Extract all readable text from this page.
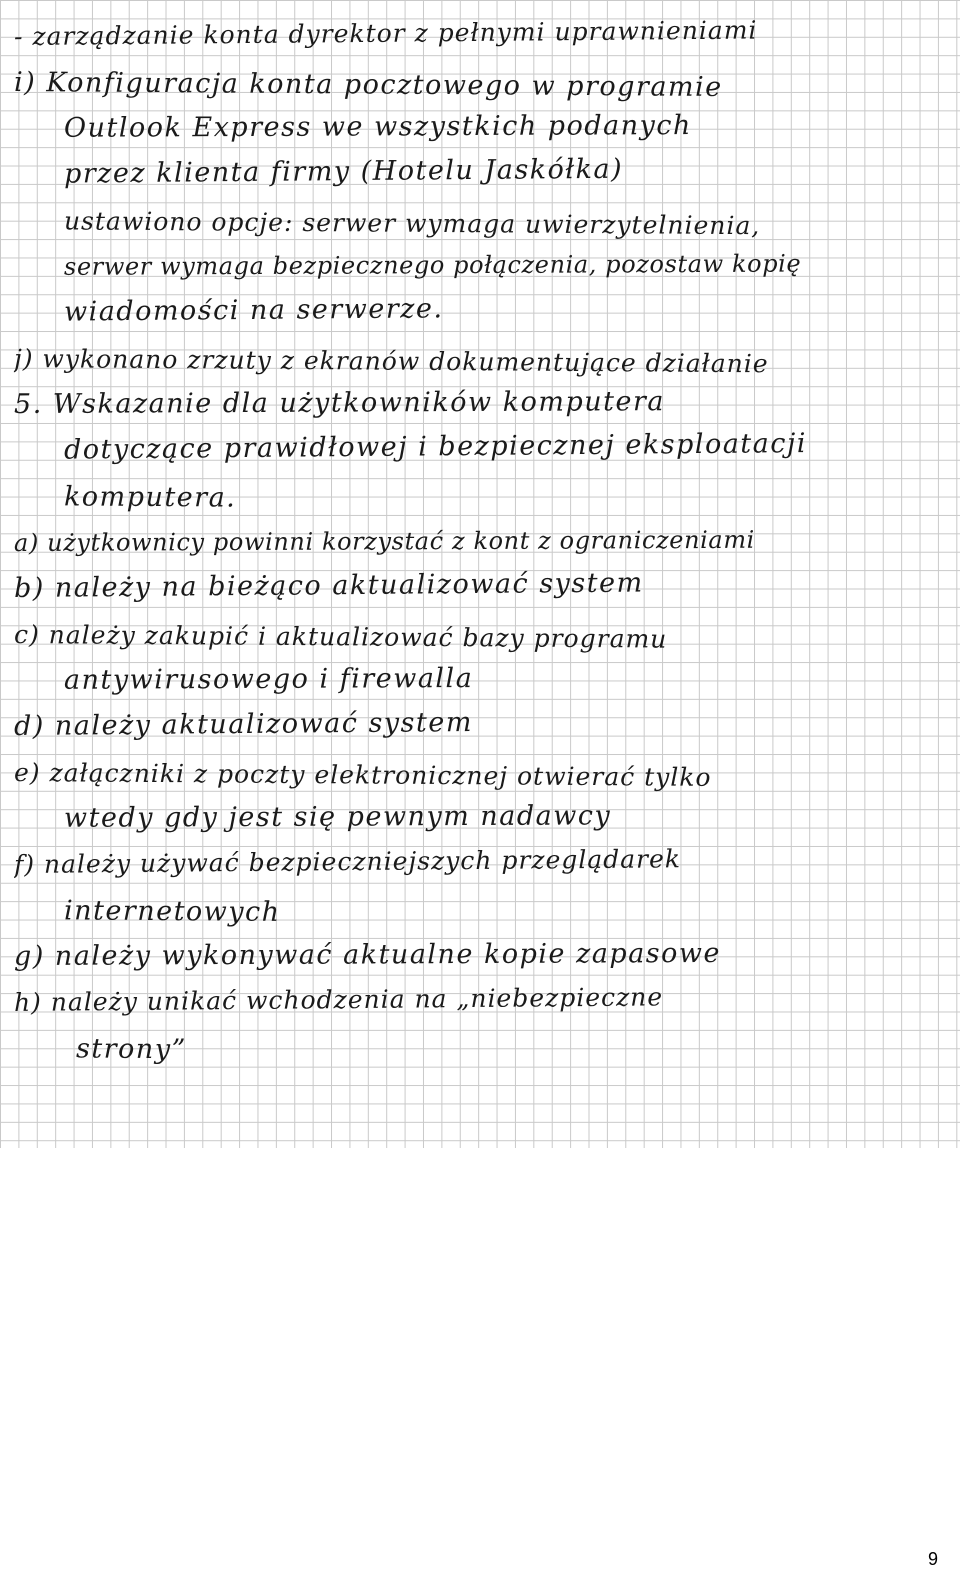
- zarządzanie konta dyrektor z pełnymi uprawnieniami
i) Konfiguracja konta pocztowego w programie
Outlook Express we wszystkich podanych
przez klienta firmy (Hotelu Jaskółka)
ustawiono opcje: serwer wymaga uwierzytelnienia,
serwer wymaga bezpiecznego połączenia, pozostaw kopię
wiadomości na serwerze.
j) wykonano zrzuty z ekranów dokumentujące działanie
5. Wskazanie dla użytkowników komputera
dotyczące prawidłowej i bezpiecznej eksploatacji
komputera.
a) użytkownicy powinni korzystać z kont z ograniczeniami
b) należy na bieżąco aktualizować system
c) należy zakupić i aktualizować bazy programu
antywirusowego i firewalla
d) należy aktualizować system
e) załączniki z poczty elektronicznej otwierać tylko
wtedy gdy jest się pewnym nadawcy
f) należy używać bezpieczniejszych przeglądarek
internetowych
g) należy wykonywać aktualne kopie zapasowe
h) należy unikać wchodzenia na „niebezpieczne
strony”
9
